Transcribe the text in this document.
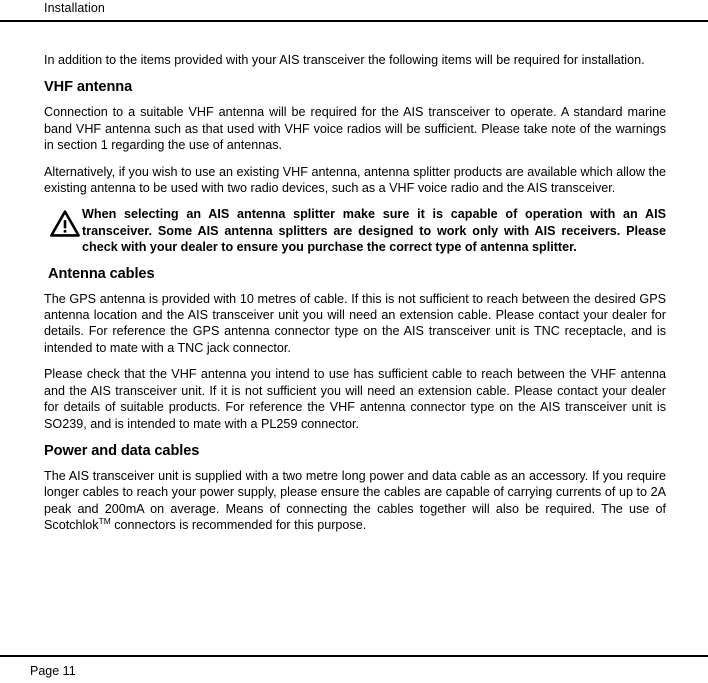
Installation

In addition to the items provided with your AIS transceiver the following items will be required for installation.

VHF antenna

Connection to a suitable VHF antenna will be required for the AIS transceiver to operate. A standard marine band VHF antenna such as that used with VHF voice radios will be sufficient. Please take note of the warnings in section 1 regarding the use of antennas.

Alternatively, if you wish to use an existing VHF antenna, antenna splitter products are available which allow the existing antenna to be used with two radio devices, such as a VHF voice radio and the AIS transceiver.

When selecting an AIS antenna splitter make sure it is capable of operation with an AIS transceiver. Some AIS antenna splitters are designed to work only with AIS receivers. Please check with your dealer to ensure you purchase the correct type of antenna splitter.
Antenna cables

The GPS antenna is provided with 10 metres of cable. If this is not sufficient to reach between the desired GPS antenna location and the AIS transceiver unit you will need an extension cable. Please contact your dealer for details. For reference the GPS antenna connector type on the AIS transceiver unit is TNC receptacle, and is intended to mate with a TNC jack connector.

Please check that the VHF antenna you intend to use has sufficient cable to reach between the VHF antenna and the AIS transceiver unit. If it is not sufficient you will need an extension cable. Please contact your dealer for details of suitable products. For reference the VHF antenna connector type on the AIS transceiver unit is SO239, and is intended to mate with a PL259 connector.

Power and data cables

The AIS transceiver unit is supplied with a two metre long power and data cable as an accessory. If you require longer cables to reach your power supply, please ensure the cables are capable of carrying currents of up to 2A peak and 200mA on average. Means of connecting the cables together will also be required. The use of Scotchlok™ connectors is recommended for this purpose.

Page 11
